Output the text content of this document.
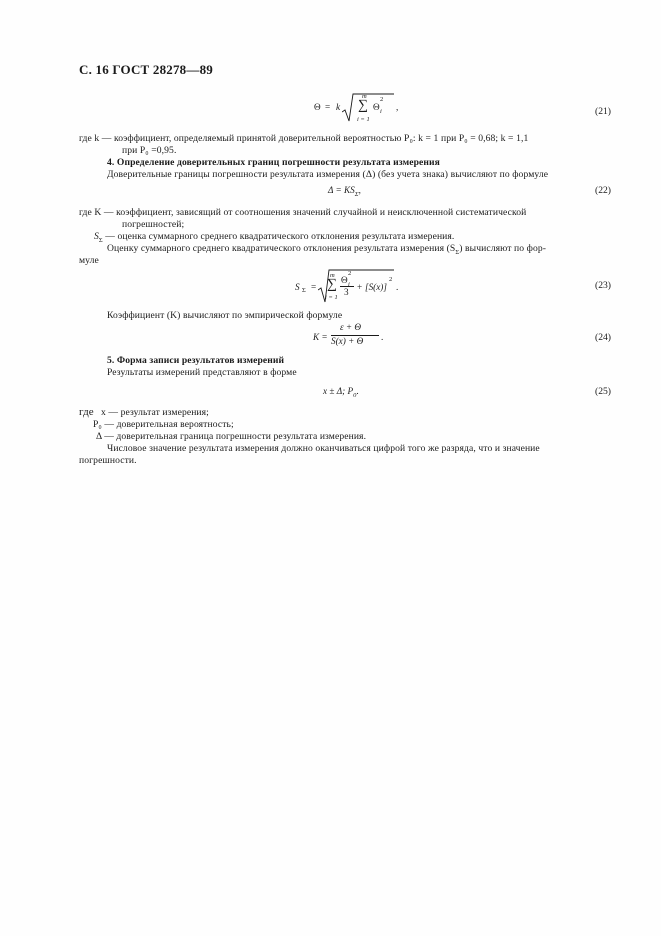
С. 16 ГОСТ 28278—89
Θ = k
m
∑
i = 1
Θ
2
i ,	(21)
где k — коэффициент, определяемый принятой доверительной вероятностью P₀: k = 1 при P₀ = 0,68; k = 1,1
при P₀ =0,95.
4. Определение доверительных границ погрешности результата измерения
Доверительные границы погрешности результата измерения (Δ) (без учета знака) вычисляют по формуле
$\Delta = KS_\Sigma$,	(22)
где K — коэффициент, зависящий от соотношения значений случайной и неисключенной систематической
погрешностей;
$S_\Sigma$ — оценка суммарного среднего квадратического отклонения результата измерения.
Оценку суммарного среднего квадратического отклонения результата измерения $(S_\Sigma)$ вычисляют по фор-
муле
S Σ =
m
∑
i = 1
Θ
2
i
3 + [S(x)]
2
.	(23)
Коэффициент (K) вычисляют по эмпирической формуле
K =
ε + Θ
S(x) + Θ .	(24)
5. Форма записи результатов измерений
Результаты измерений представляют в форме
x ± Δ; $P_0$.	(25)
где x — результат измерения;
P₀ — доверительная вероятность;
Δ — доверительная граница погрешности результата измерения.
Числовое значение результата измерения должно оканчиваться цифрой того же разряда, что и значение
погрешности.
